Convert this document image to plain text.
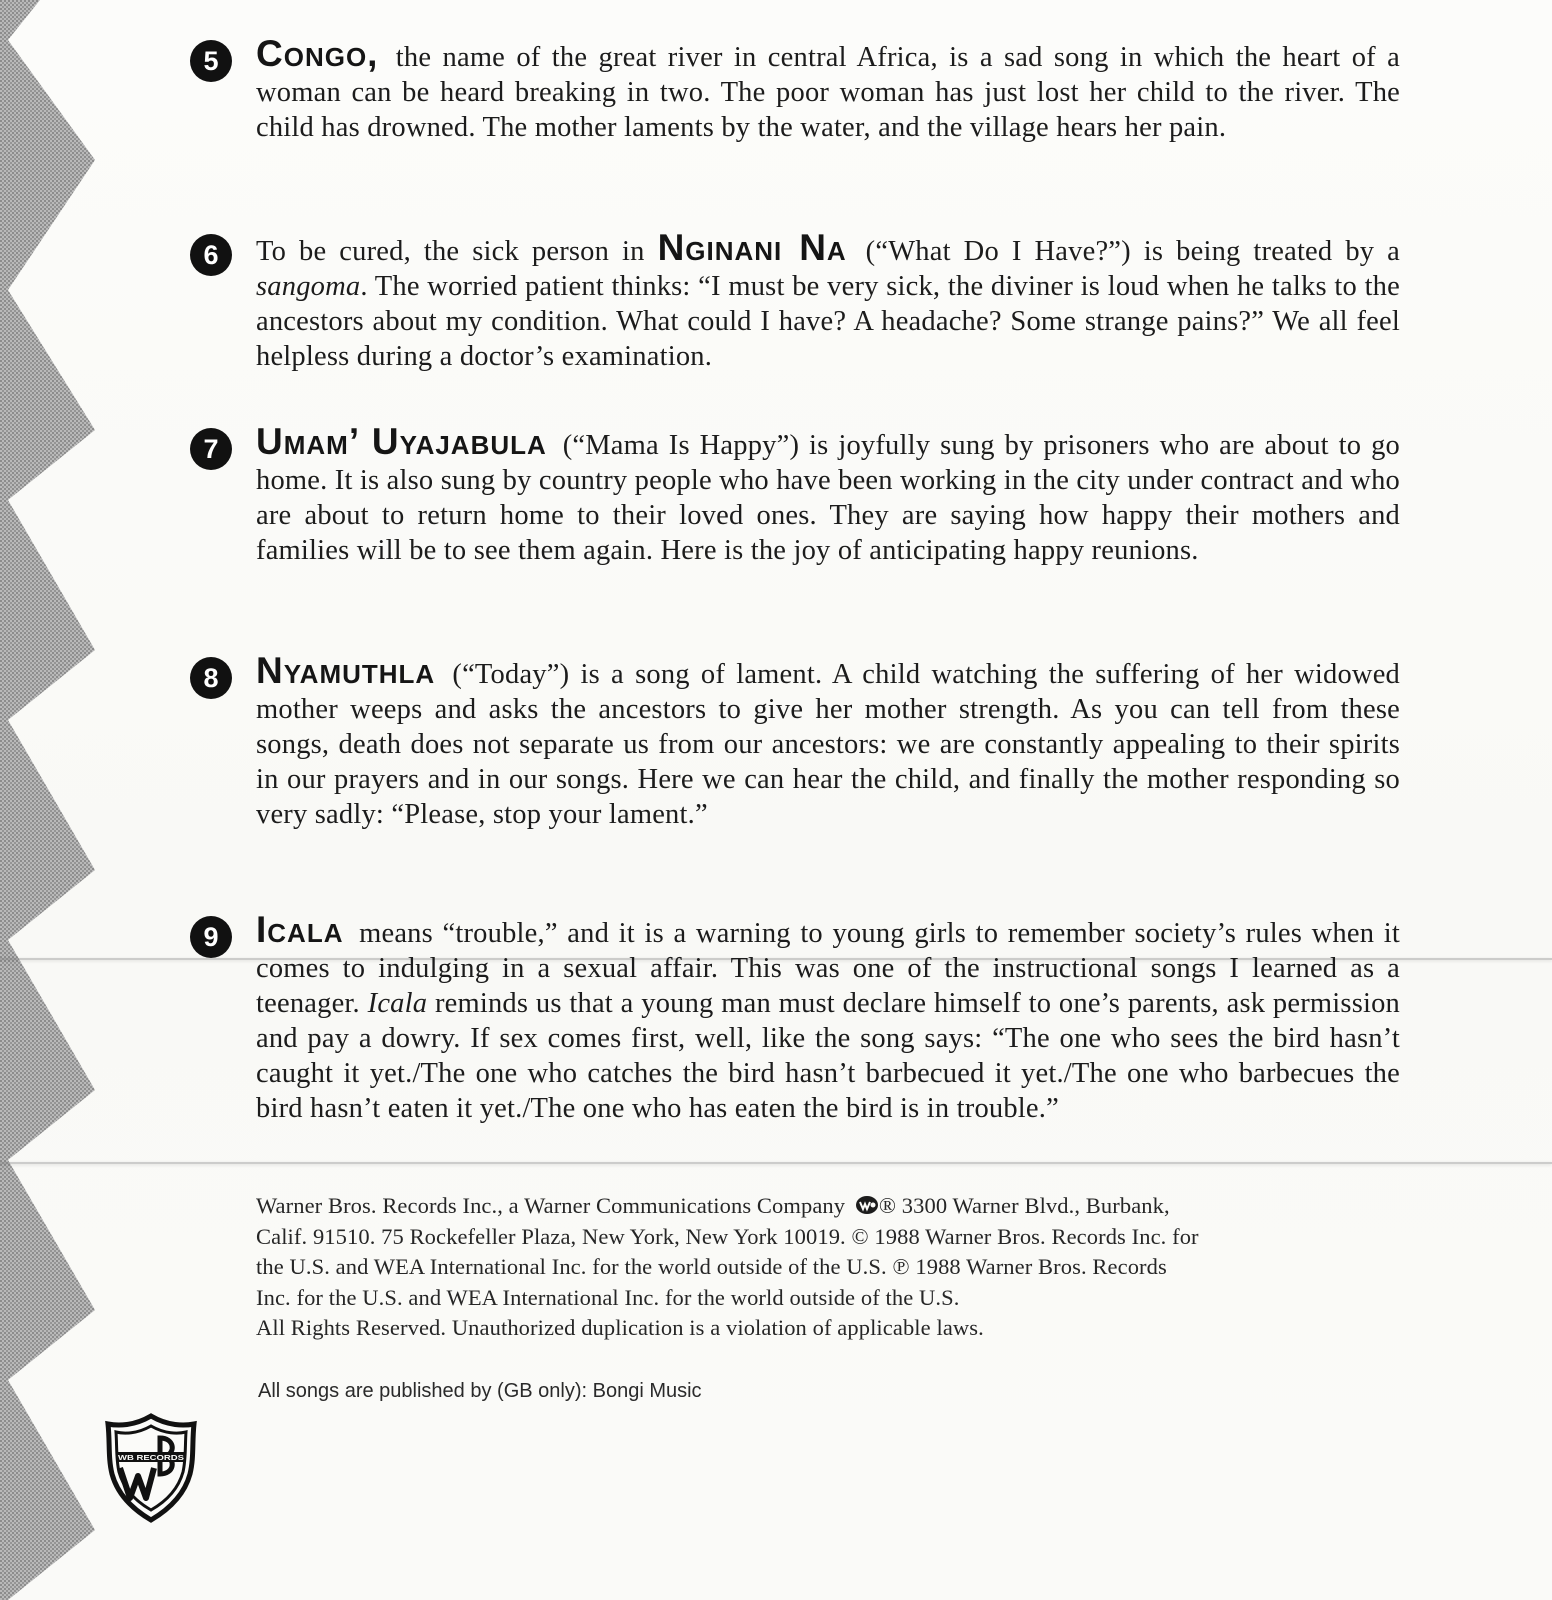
5	Congo, the name of the great river in central Africa, is a sad song in which the heart of a woman can be heard breaking in two. The poor woman has just lost her child to the river. The child has drowned. The mother laments by the water, and the village hears her pain.
6	To be cured, the sick person in Nginani Na (“What Do I Have?”) is being treated by a sangoma. The worried patient thinks: “I must be very sick, the diviner is loud when he talks to the ancestors about my condition. What could I have? A headache? Some strange pains?” We all feel helpless during a doctor’s examination.
7	Umam’ Uyajabula (“Mama Is Happy”) is joyfully sung by prisoners who are about to go home. It is also sung by country people who have been working in the city under contract and who are about to return home to their loved ones. They are saying how happy their mothers and families will be to see them again. Here is the joy of anticipating happy reunions.
8	Nyamuthla (“Today”) is a song of lament. A child watching the suffering of her widowed mother weeps and asks the ancestors to give her mother strength. As you can tell from these songs, death does not separate us from our ancestors: we are constantly appealing to their spirits in our prayers and in our songs. Here we can hear the child, and finally the mother responding so very sadly: “Please, stop your lament.”
9	Icala means “trouble,” and it is a warning to young girls to remember society’s rules when it comes to indulging in a sexual affair. This was one of the instructional songs I learned as a teenager. Icala reminds us that a young man must declare himself to one’s parents, ask permission and pay a dowry. If sex comes first, well, like the song says: “The one who sees the bird hasn’t caught it yet./The one who catches the bird hasn’t barbecued it yet./The one who barbecues the bird hasn’t eaten it yet./The one who has eaten the bird is in trouble.”
Warner Bros. Records Inc., a Warner Communications Company ® 3300 Warner Blvd., Burbank,
Calif. 91510. 75 Rockefeller Plaza, New York, New York 10019. © 1988 Warner Bros. Records Inc. for
the U.S. and WEA International Inc. for the world outside of the U.S. ℗ 1988 Warner Bros. Records
Inc. for the U.S. and WEA International Inc. for the world outside of the U.S.
All Rights Reserved. Unauthorized duplication is a violation of applicable laws.
All songs are published by (GB only): Bongi Music
WB RECORDS
